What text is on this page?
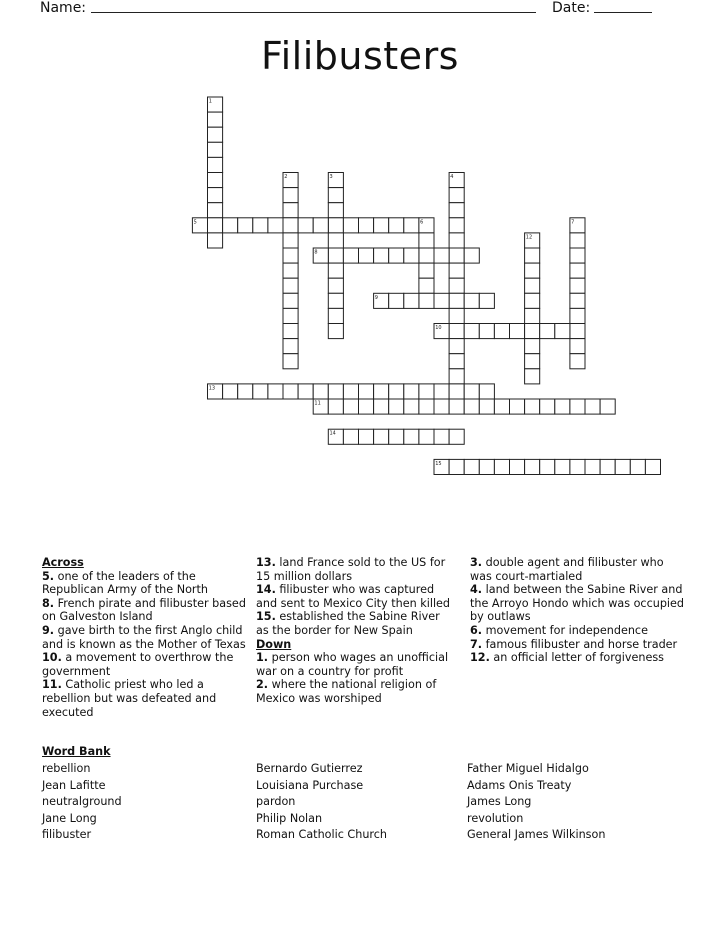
Name:	Date:
Filibusters
1
2	3	4
5	6	7
8
9
10
11
12
13
14
15
Across
5. one of the leaders of the Republican Army of the North
8. French pirate and filibuster based on Galveston Island
9. gave birth to the first Anglo child and is known as the Mother of Texas
10. a movement to overthrow the government
11. Catholic priest who led a rebellion but was defeated and executed
13. land France sold to the US for 15 million dollars
14. filibuster who was captured and sent to Mexico City then killed
15. established the Sabine River as the border for New Spain
Down
1. person who wages an unofficial war on a country for profit
2. where the national religion of Mexico was worshiped
3. double agent and filibuster who was court-martialed
4. land between the Sabine River and the Arroyo Hondo which was occupied by outlaws
6. movement for independence
7. famous filibuster and horse trader
12. an official letter of forgiveness
Word Bank
rebellion
Jean Lafitte
neutralground
Jane Long
filibuster
Bernardo Gutierrez
Louisiana Purchase
pardon
Philip Nolan
Roman Catholic Church
Father Miguel Hidalgo
Adams Onis Treaty
James Long
revolution
General James Wilkinson
